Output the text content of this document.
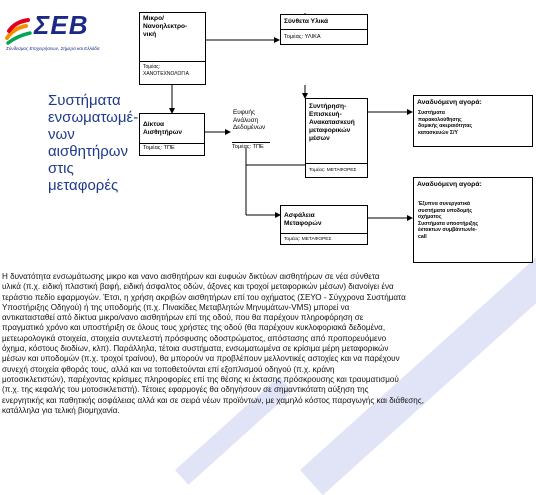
ΣΕΒ
Σύνδεσμος Επιχειρήσεων, Σήμερα και Ελλάδα
Συστήματα
ενσωματωμέ-
νων
αισθητήρων
στις
μεταφορές
Μικρο/
Νανοηλεκτρο-
νική
Τομέας:
ΧΑΝΟΤΕΧΝΟΛΟΓΙΑ
Δίκτυα
Αισθητήρων
Τομέας: ΤΠΕ
Ευφυής
Ανάλυση
Δεδομένων
Τομέας: ΤΠΕ
Σύνθετα Υλικά
Τομέας: ΥΛΙΚΑ
Συντήρηση-
Επισκευή-
Ανακατασκευή
μεταφορικών
μέσων
Τομέας: ΜΕΤΑΦΟΡΕΣ
Ασφάλεια
Μεταφορών
Τομέας: ΜΕΤΑΦΟΡΕΣ
Αναδυόμενη αγορά:
Συστήματα
παρακολούθησης
δομικής ακεραιότητας
κατασκευών Σ/Υ
Αναδυόμενη αγορά:
Έξυπνα συνεργατικά
συστήματα υποδομής
οχήματος
Συστήματα υποστήριξης
έκτακτων συμβάντων/e-
call
Η δυνατότητα ενσωμάτωσης μικρο και νανο αισθητήρων και ευφυών δικτύων αισθητήρων σε νέα σύνθετα
υλικά (π.χ. ειδική πλαστική βαφή, ειδική άσφαλτος οδών, άξονες και τροχοί μεταφορικών μέσων) διανοίγει ένα
τεράστιο πεδίο εφαρμογών. Έτσι, η χρήση ακριβών αισθητήρων επί του οχήματος (ΣΕΥΟ - Σύγχρονα Συστήματα
Υποστήριξης Οδηγού) ή της υποδομής (π.χ. Πινακίδες Μεταβλητών Μηνυμάτων-VMS) μπορεί να
αντικατασταθεί από δίκτυα μικρο/νανο αισθητήρων επί της οδού, που θα παρέχουν πληροφόρηση σε
πραγματικό χρόνο και υποστήριξη σε όλους τους χρήστες της οδού (θα παρέχουν κυκλοφοριακά δεδομένα,
μετεωρολογικά στοιχεία, στοιχεία συντελεστή πρόσφυσης οδοστρώματος, απόστασης από προπορευόμενο
όχημα, κόστους διοδίων, κλπ). Παράλληλα, τέτοια συστήματα, ενσωματωμένα σε κρίσιμα μέρη μεταφορικών
μέσων και υποδομών (π.χ. τροχοί τραίνου), θα μπορούν να προβλέπουν μελλοντικές αστοχίες και να παρέχουν
συνεχή στοιχεία φθοράς τους, αλλά και να τοποθετούνται επί εξοπλισμού οδηγού (π.χ. κράνη
μοτοσικλετιστών), παρέχοντας κρίσιμες πληροφορίες επί της θέσης κι έκτασης πρόσκρουσης και τραυματισμού
(π.χ. της κεφαλής του μοτοσικλετιστή). Τέτοιες εφαρμογές θα οδηγήσουν σε σημαντικότατη αύξηση της
ενεργητικής και παθητικής ασφάλειας αλλά και σε σειρά νέων προϊόντων, με χαμηλό κόστος παραγωγής και διάθεσης,
κατάλληλα για τελική βιομηχανία.
